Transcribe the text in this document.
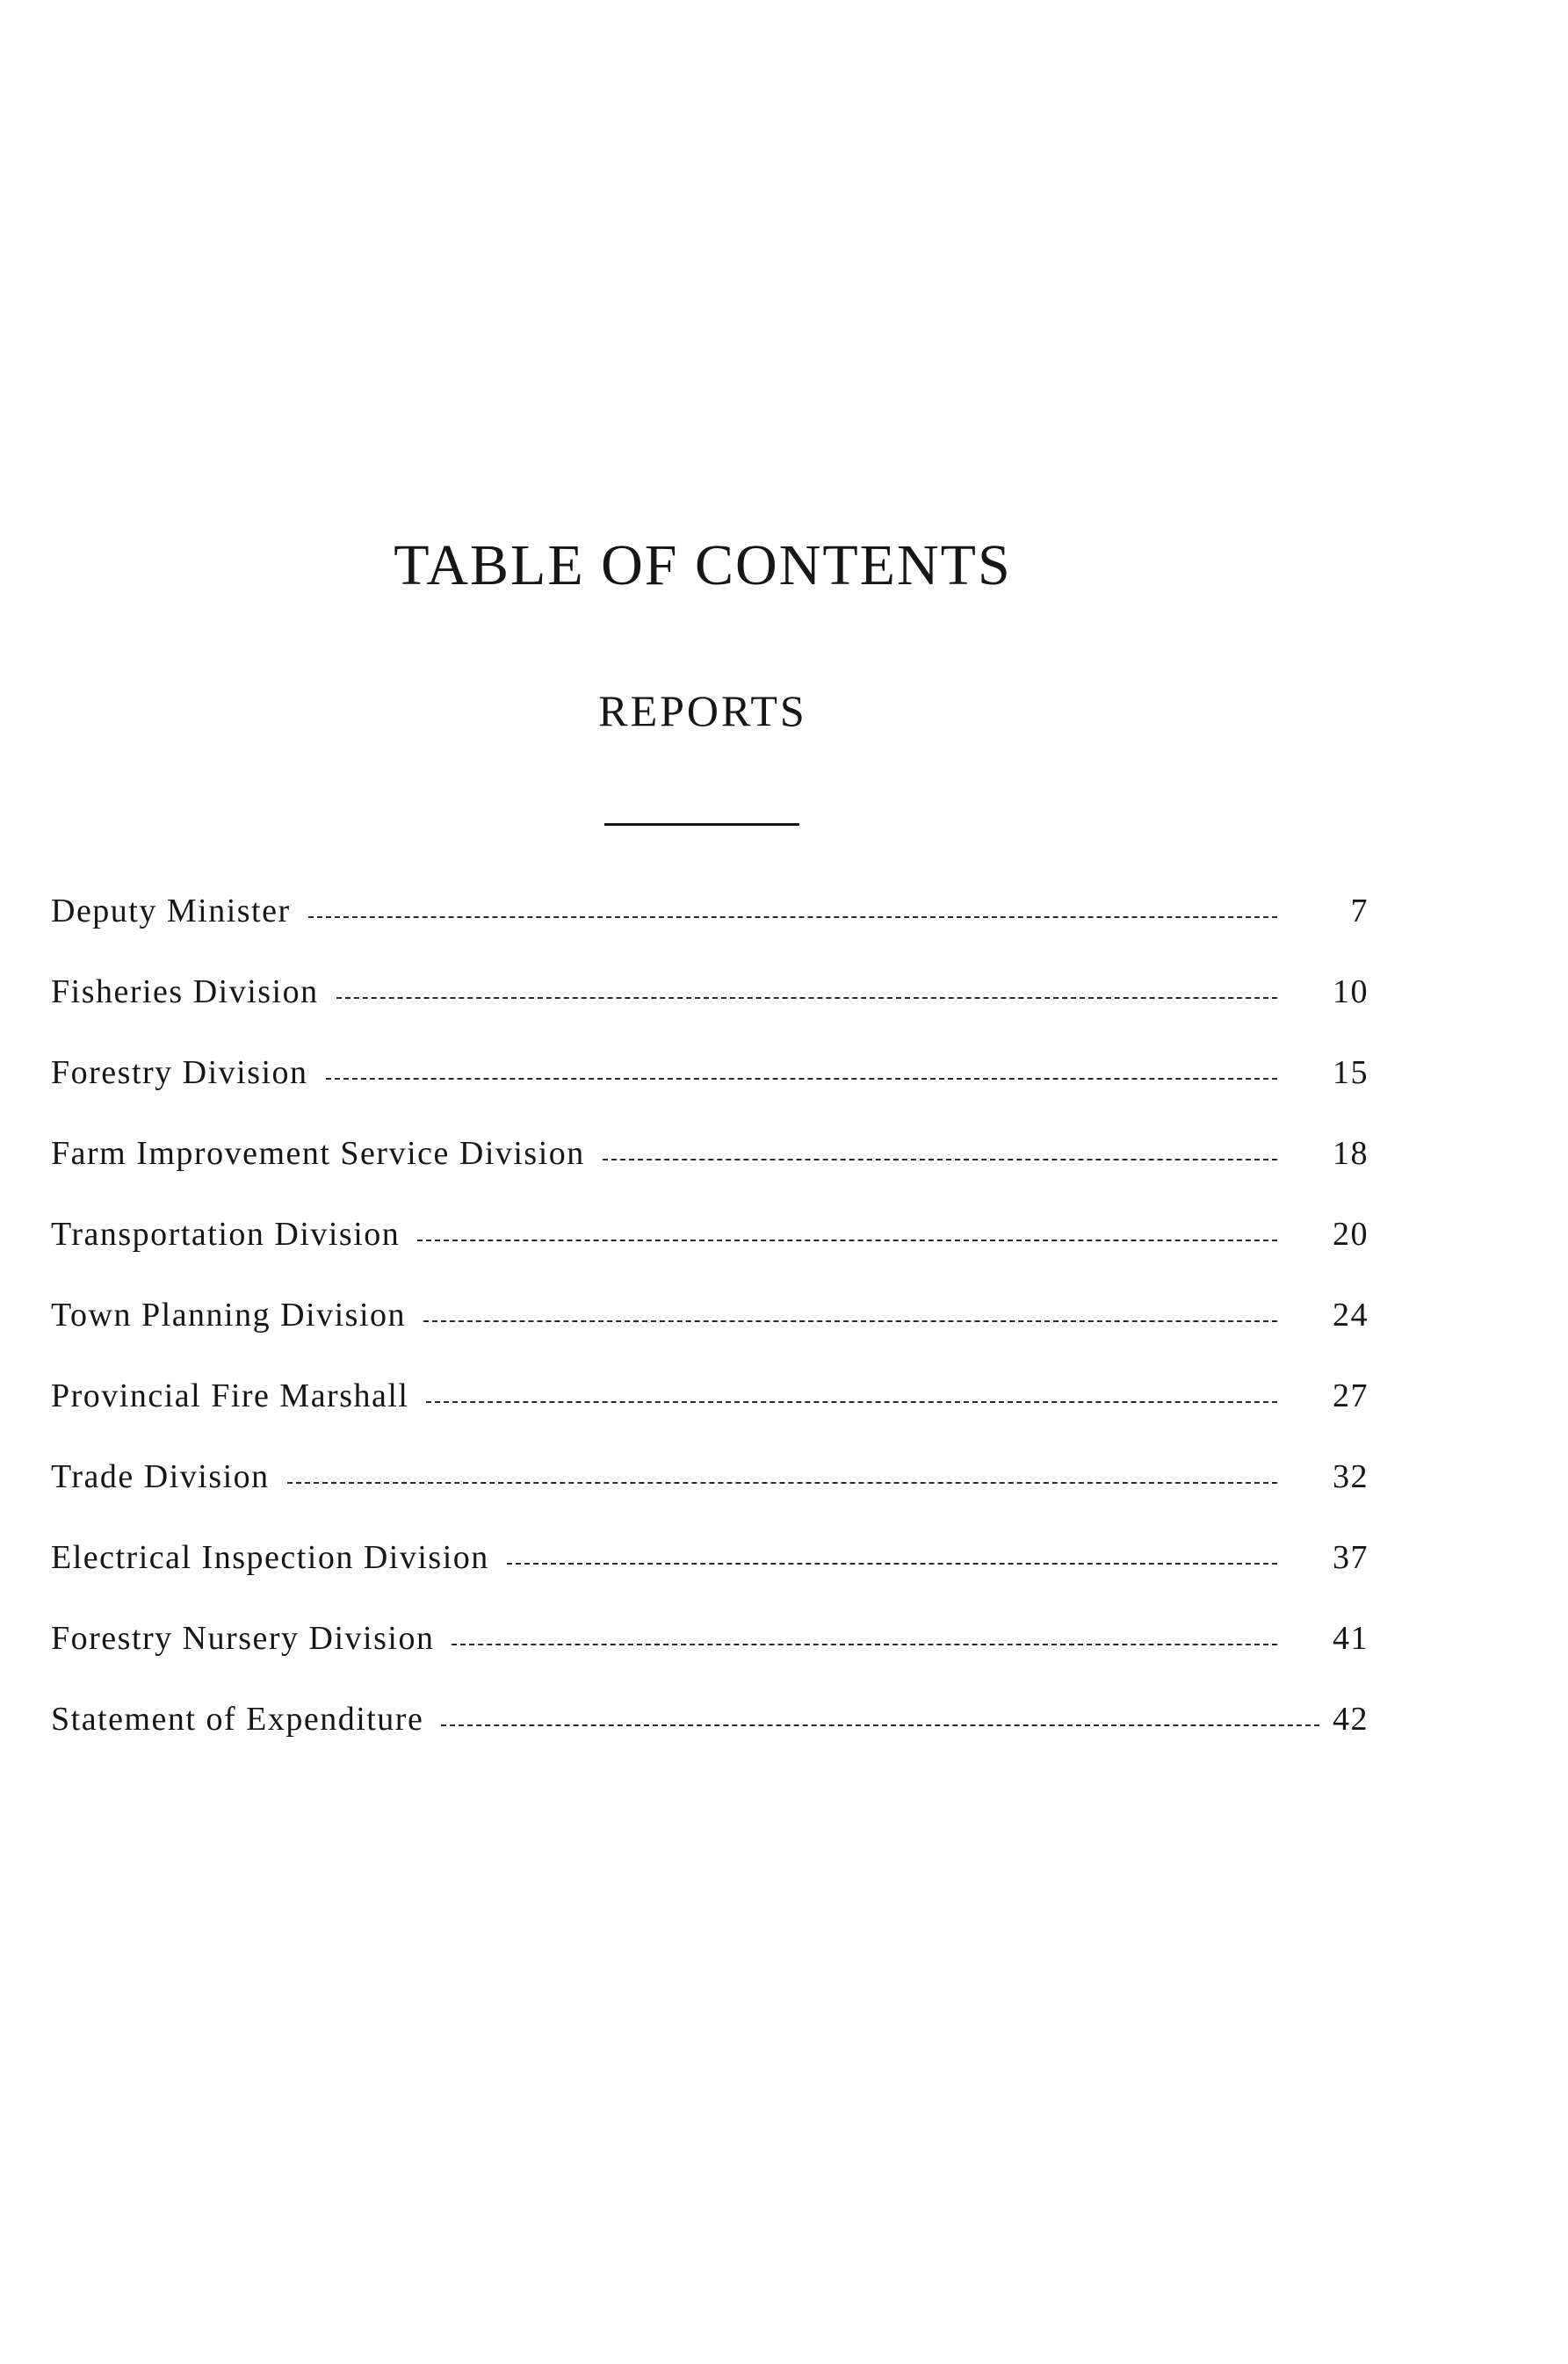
TABLE OF CONTENTS
REPORTS
Deputy Minister	7
Fisheries Division	10
Forestry Division	15
Farm Improvement Service Division	18
Transportation Division	20
Town Planning Division	24
Provincial Fire Marshall	27
Trade Division	32
Electrical Inspection Division	37
Forestry Nursery Division	41
Statement of Expenditure	42
